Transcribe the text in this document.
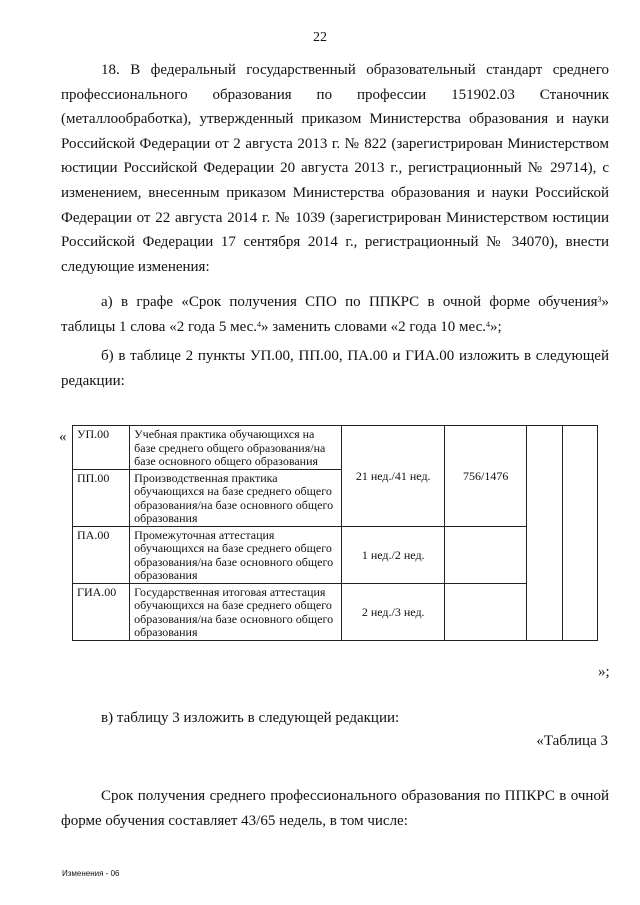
22
18. В федеральный государственный образовательный стандарт среднего
профессионального образования по профессии 151902.03 Станочник
(металлообработка), утвержденный приказом Министерства образования и науки
Российской Федерации от 2 августа 2013 г. № 822 (зарегистрирован Министерством
юстиции Российской Федерации 20 августа 2013 г., регистрационный № 29714), с
изменением, внесенным приказом Министерства образования и науки Российской
Федерации от 22 августа 2014 г. № 1039 (зарегистрирован Министерством юстиции
Российской Федерации 17 сентября 2014 г., регистрационный № 34070), внести
следующие изменения:
а) в графе «Срок получения СПО по ППКРС в очной форме обучения$^3$»
таблицы 1 слова «2 года 5 мес.$^4$» заменить словами «2 года 10 мес.$^4$»;
б) в таблице 2 пункты УП.00, ПП.00, ПА.00 и ГИА.00 изложить в следующей
редакции:
« УП.00	Учебная практика обучающихся на базе среднего общего образования/на базе основного общего образования	21 нед./41 нед.	756/1476		
ПП.00	Производственная практика обучающихся на базе среднего общего образования/на базе основного общего образования				
ПА.00	Промежуточная аттестация обучающихся на базе среднего общего образования/на базе основного общего образования	1 нед./2 нед.			
ГИА.00	Государственная итоговая аттестация обучающихся на базе среднего общего образования/на базе основного общего образования	2 нед./3 нед.			
»;
в) таблицу 3 изложить в следующей редакции:
«Таблица 3
Срок получения среднего профессионального образования по ППКРС в очной
форме обучения составляет 43/65 недель, в том числе:
Изменения - 06
